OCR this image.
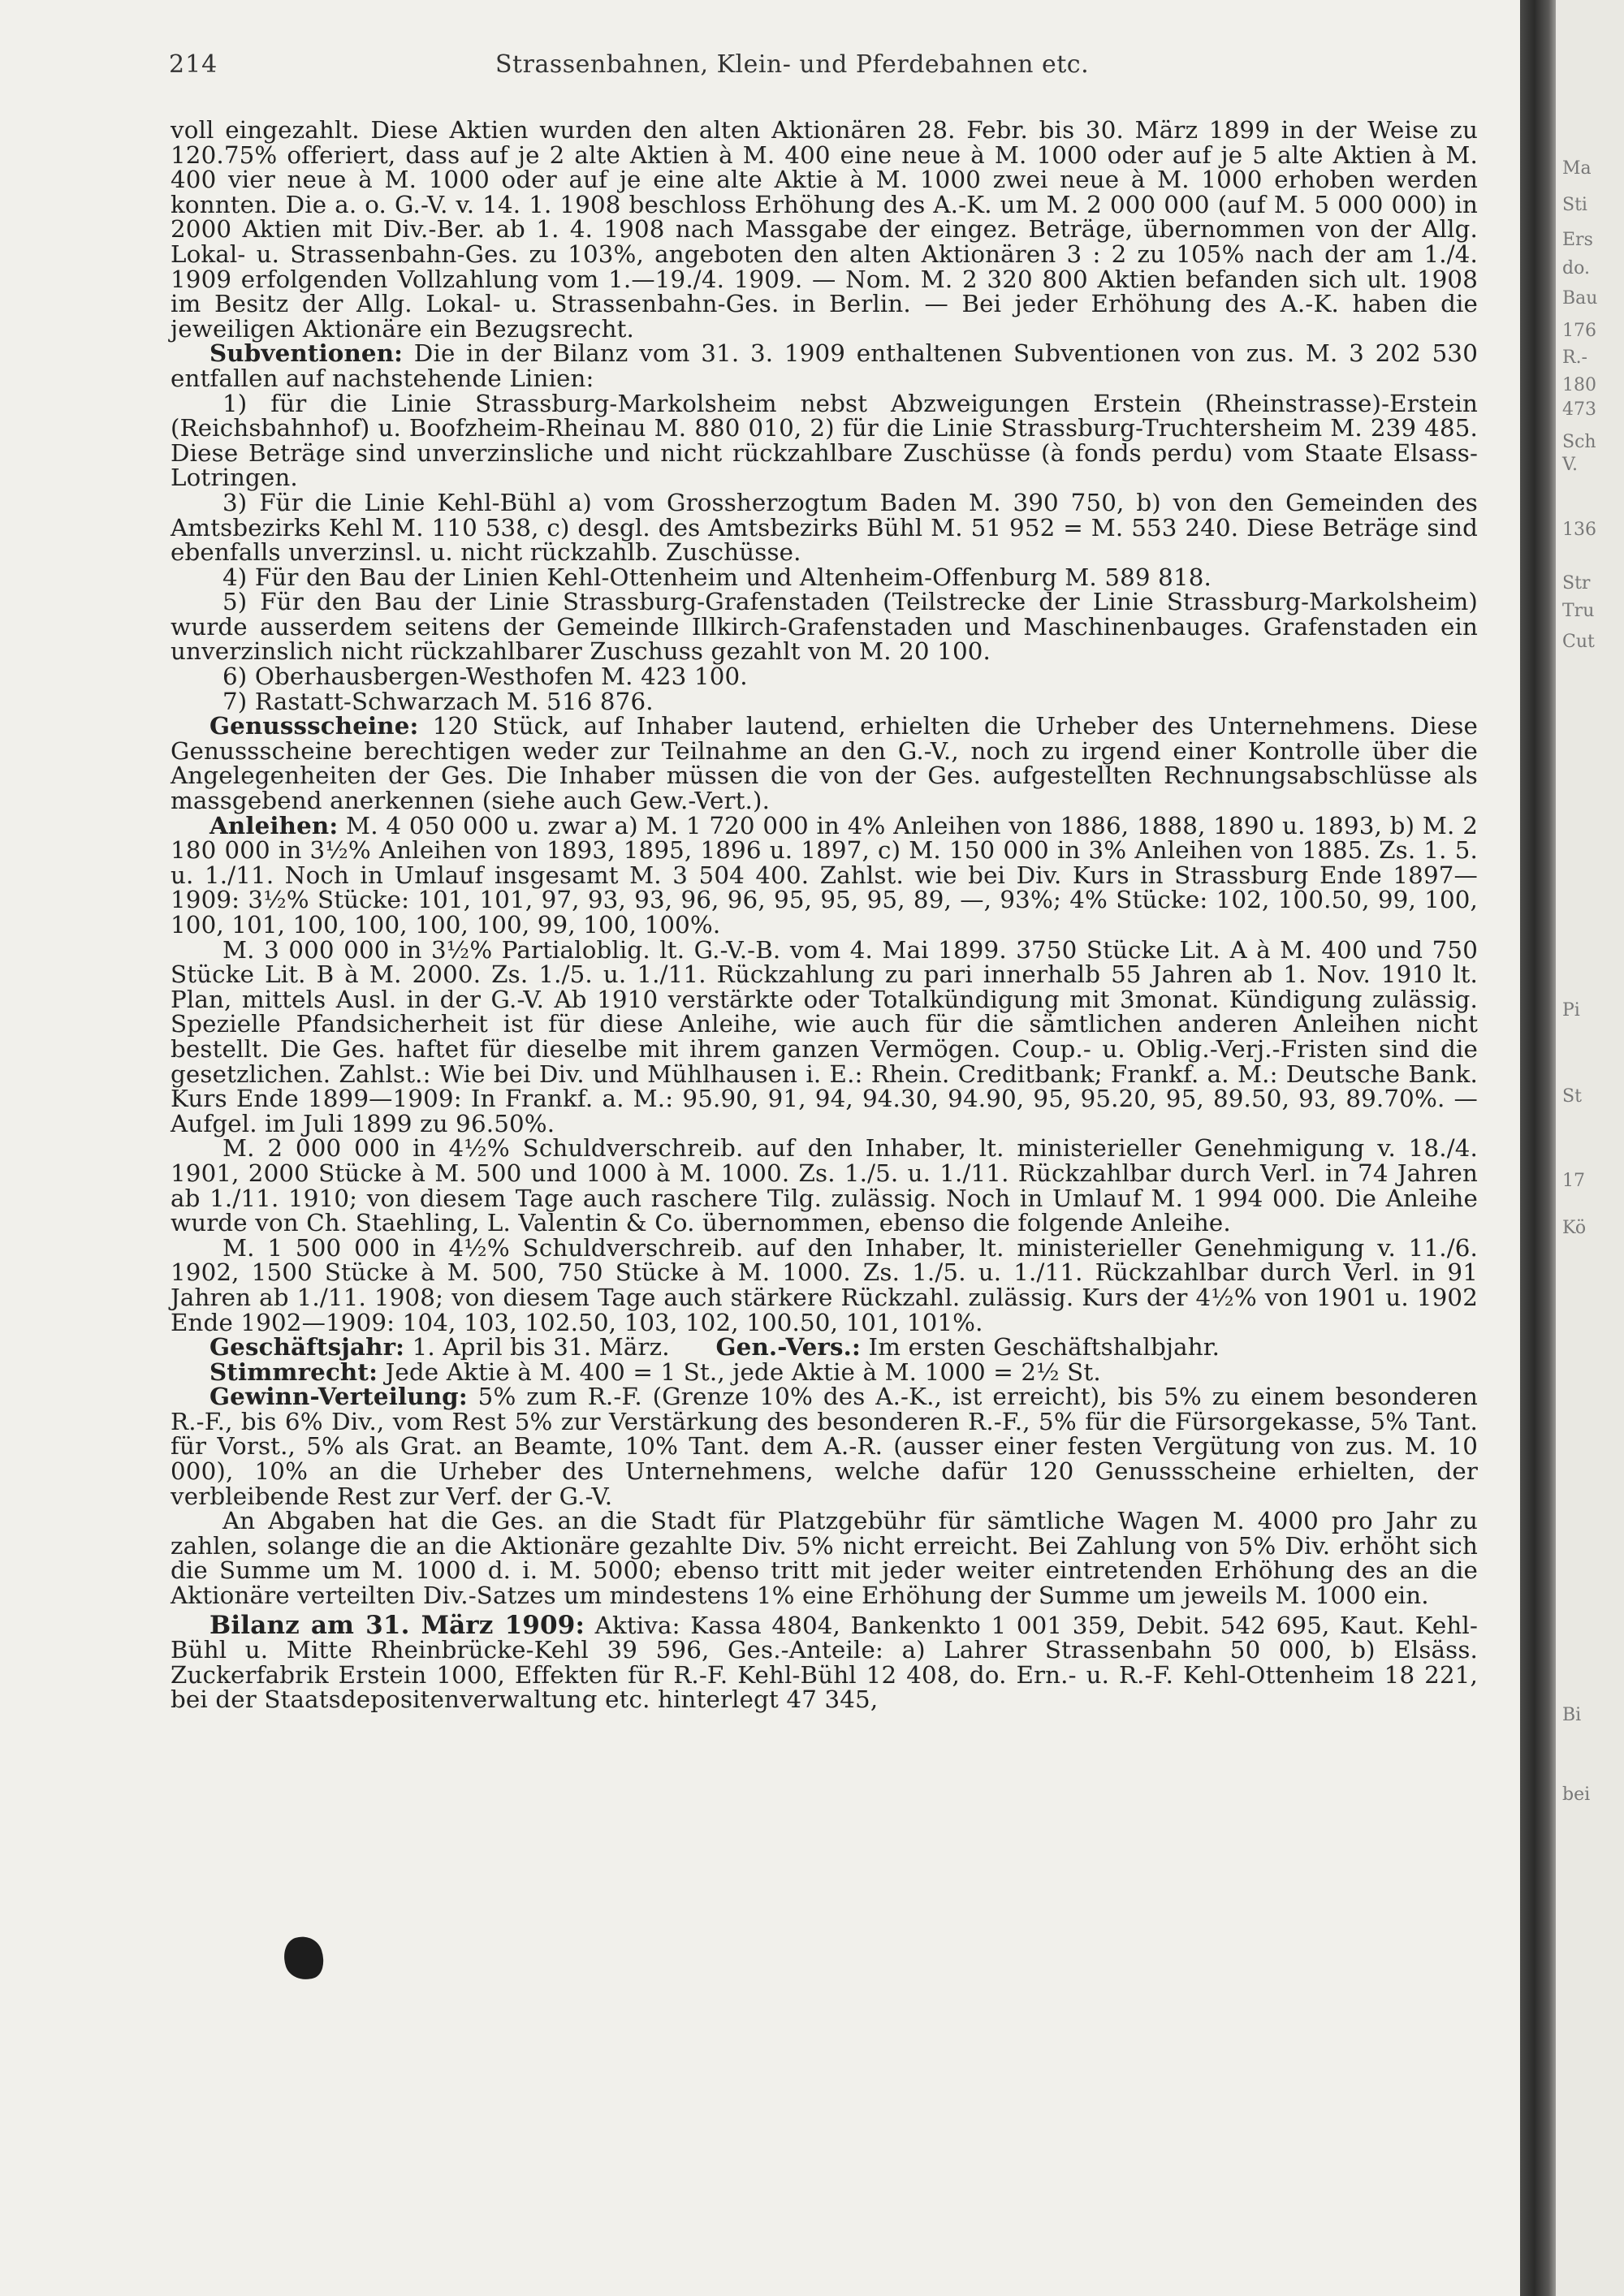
214	Strassenbahnen, Klein- und Pferdebahnen etc.

voll eingezahlt. Diese Aktien wurden den alten Aktionären 28. Febr. bis 30. März 1899 in der Weise zu 120.75% offeriert, dass auf je 2 alte Aktien à M. 400 eine neue à M. 1000 oder auf je 5 alte Aktien à M. 400 vier neue à M. 1000 oder auf je eine alte Aktie à M. 1000 zwei neue à M. 1000 erhoben werden konnten. Die a. o. G.-V. v. 14. 1. 1908 beschloss Erhöhung des A.-K. um M. 2 000 000 (auf M. 5 000 000) in 2000 Aktien mit Div.-Ber. ab 1. 4. 1908 nach Massgabe der eingez. Beträge, übernommen von der Allg. Lokal- u. Strassenbahn-Ges. zu 103%, angeboten den alten Aktionären 3 : 2 zu 105% nach der am 1./4. 1909 erfolgenden Vollzahlung vom 1.—19./4. 1909. — Nom. M. 2 320 800 Aktien befanden sich ult. 1908 im Besitz der Allg. Lokal- u. Strassenbahn-Ges. in Berlin. — Bei jeder Erhöhung des A.-K. haben die jeweiligen Aktionäre ein Bezugsrecht.

Subventionen: Die in der Bilanz vom 31. 3. 1909 enthaltenen Subventionen von zus. M. 3 202 530 entfallen auf nachstehende Linien:

1) für die Linie Strassburg-Markolsheim nebst Abzweigungen Erstein (Rheinstrasse)-Erstein (Reichsbahnhof) u. Boofzheim-Rheinau M. 880 010, 2) für die Linie Strassburg-Truchtersheim M. 239 485. Diese Beträge sind unverzinsliche und nicht rückzahlbare Zuschüsse (à fonds perdu) vom Staate Elsass-Lotringen.

3) Für die Linie Kehl-Bühl a) vom Grossherzogtum Baden M. 390 750, b) von den Gemeinden des Amtsbezirks Kehl M. 110 538, c) desgl. des Amtsbezirks Bühl M. 51 952 = M. 553 240. Diese Beträge sind ebenfalls unverzinsl. u. nicht rückzahlb. Zuschüsse.

4) Für den Bau der Linien Kehl-Ottenheim und Altenheim-Offenburg M. 589 818.

5) Für den Bau der Linie Strassburg-Grafenstaden (Teilstrecke der Linie Strassburg-Markolsheim) wurde ausserdem seitens der Gemeinde Illkirch-Grafenstaden und Maschinenbauges. Grafenstaden ein unverzinslich nicht rückzahlbarer Zuschuss gezahlt von M. 20 100.

6) Oberhausbergen-Westhofen M. 423 100.

7) Rastatt-Schwarzach M. 516 876.

Genussscheine: 120 Stück, auf Inhaber lautend, erhielten die Urheber des Unternehmens. Diese Genussscheine berechtigen weder zur Teilnahme an den G.-V., noch zu irgend einer Kontrolle über die Angelegenheiten der Ges. Die Inhaber müssen die von der Ges. aufgestellten Rechnungsabschlüsse als massgebend anerkennen (siehe auch Gew.-Vert.).

Anleihen: M. 4 050 000 u. zwar a) M. 1 720 000 in 4% Anleihen von 1886, 1888, 1890 u. 1893, b) M. 2 180 000 in 3½% Anleihen von 1893, 1895, 1896 u. 1897, c) M. 150 000 in 3% Anleihen von 1885. Zs. 1. 5. u. 1./11. Noch in Umlauf insgesamt M. 3 504 400. Zahlst. wie bei Div. Kurs in Strassburg Ende 1897—1909: 3½% Stücke: 101, 101, 97, 93, 93, 96, 96, 95, 95, 95, 89, —, 93%; 4% Stücke: 102, 100.50, 99, 100, 100, 101, 100, 100, 100, 100, 99, 100, 100%.

M. 3 000 000 in 3½% Partialoblig. lt. G.-V.-B. vom 4. Mai 1899. 3750 Stücke Lit. A à M. 400 und 750 Stücke Lit. B à M. 2000. Zs. 1./5. u. 1./11. Rückzahlung zu pari innerhalb 55 Jahren ab 1. Nov. 1910 lt. Plan, mittels Ausl. in der G.-V. Ab 1910 verstärkte oder Totalkündigung mit 3monat. Kündigung zulässig. Spezielle Pfandsicherheit ist für diese Anleihe, wie auch für die sämtlichen anderen Anleihen nicht bestellt. Die Ges. haftet für dieselbe mit ihrem ganzen Vermögen. Coup.- u. Oblig.-Verj.-Fristen sind die gesetzlichen. Zahlst.: Wie bei Div. und Mühlhausen i. E.: Rhein. Creditbank; Frankf. a. M.: Deutsche Bank. Kurs Ende 1899—1909: In Frankf. a. M.: 95.90, 91, 94, 94.30, 94.90, 95, 95.20, 95, 89.50, 93, 89.70%. — Aufgel. im Juli 1899 zu 96.50%.

M. 2 000 000 in 4½% Schuldverschreib. auf den Inhaber, lt. ministerieller Genehmigung v. 18./4. 1901, 2000 Stücke à M. 500 und 1000 à M. 1000. Zs. 1./5. u. 1./11. Rückzahlbar durch Verl. in 74 Jahren ab 1./11. 1910; von diesem Tage auch raschere Tilg. zulässig. Noch in Umlauf M. 1 994 000. Die Anleihe wurde von Ch. Staehling, L. Valentin & Co. übernommen, ebenso die folgende Anleihe.

M. 1 500 000 in 4½% Schuldverschreib. auf den Inhaber, lt. ministerieller Genehmigung v. 11./6. 1902, 1500 Stücke à M. 500, 750 Stücke à M. 1000. Zs. 1./5. u. 1./11. Rückzahlbar durch Verl. in 91 Jahren ab 1./11. 1908; von diesem Tage auch stärkere Rückzahl. zulässig. Kurs der 4½% von 1901 u. 1902 Ende 1902—1909: 104, 103, 102.50, 103, 102, 100.50, 101, 101%.

Geschäftsjahr: 1. April bis 31. März. Gen.-Vers.: Im ersten Geschäftshalbjahr.

Stimmrecht: Jede Aktie à M. 400 = 1 St., jede Aktie à M. 1000 = 2½ St.

Gewinn-Verteilung: 5% zum R.-F. (Grenze 10% des A.-K., ist erreicht), bis 5% zu einem besonderen R.-F., bis 6% Div., vom Rest 5% zur Verstärkung des besonderen R.-F., 5% für die Fürsorgekasse, 5% Tant. für Vorst., 5% als Grat. an Beamte, 10% Tant. dem A.-R. (ausser einer festen Vergütung von zus. M. 10 000), 10% an die Urheber des Unternehmens, welche dafür 120 Genussscheine erhielten, der verbleibende Rest zur Verf. der G.-V.

An Abgaben hat die Ges. an die Stadt für Platzgebühr für sämtliche Wagen M. 4000 pro Jahr zu zahlen, solange die an die Aktionäre gezahlte Div. 5% nicht erreicht. Bei Zahlung von 5% Div. erhöht sich die Summe um M. 1000 d. i. M. 5000; ebenso tritt mit jeder weiter eintretenden Erhöhung des an die Aktionäre verteilten Div.-Satzes um mindestens 1% eine Erhöhung der Summe um jeweils M. 1000 ein.

Bilanz am 31. März 1909: Aktiva: Kassa 4804, Bankenkto 1 001 359, Debit. 542 695, Kaut. Kehl-Bühl u. Mitte Rheinbrücke-Kehl 39 596, Ges.-Anteile: a) Lahrer Strassenbahn 50 000, b) Elsäss. Zuckerfabrik Erstein 1000, Effekten für R.-F. Kehl-Bühl 12 408, do. Ern.- u. R.-F. Kehl-Ottenheim 18 221, bei der Staatsdepositenverwaltung etc. hinterlegt 47 345,

Ma
Sti
Ers
do.
Bau
176
R.-
180
473
Sch
V.
136
Str
Tru
Cut
Pi
St
17
Kö
Bi
bei
